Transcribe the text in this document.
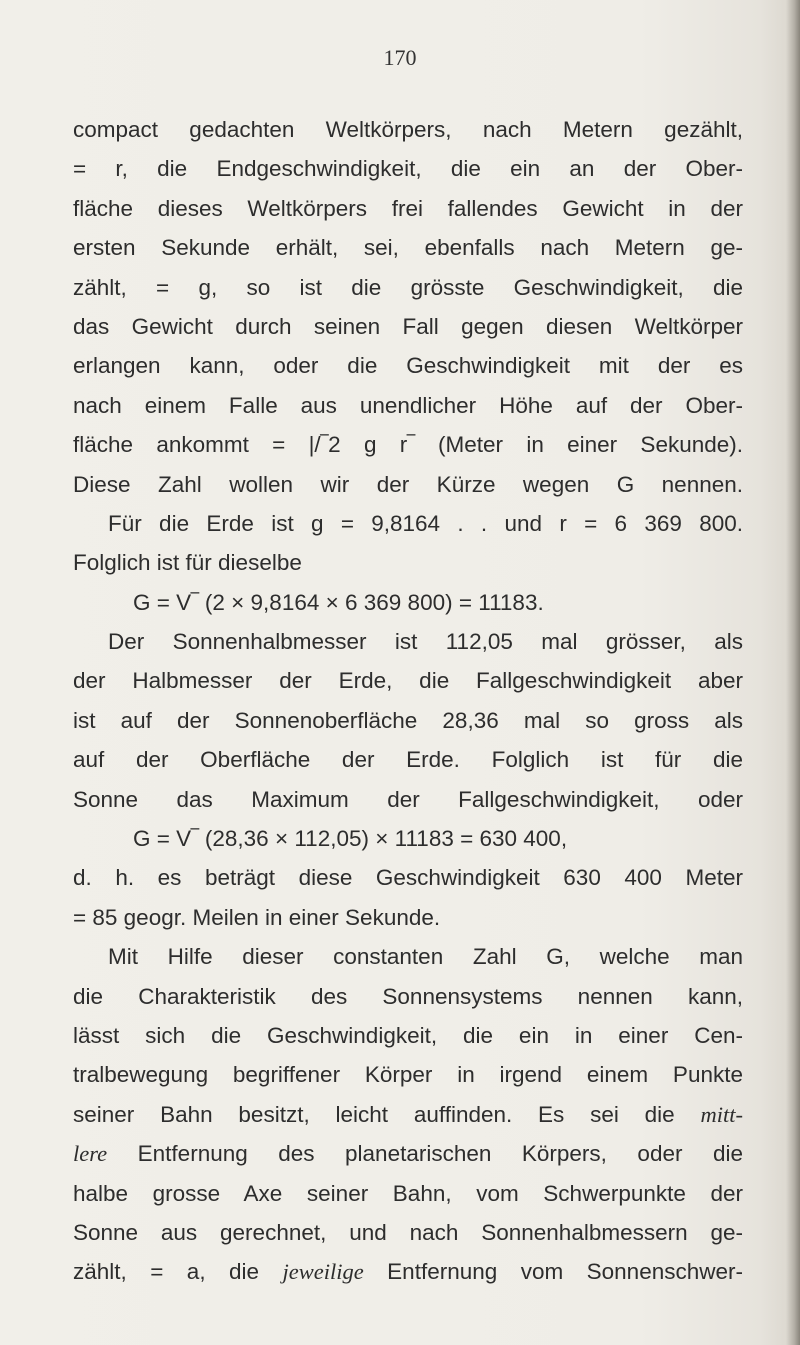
170
compact gedachten Weltkörpers, nach Metern gezählt,
= r, die Endgeschwindigkeit, die ein an der Ober-
fläche dieses Weltkörpers frei fallendes Gewicht in der
ersten Sekunde erhält, sei, ebenfalls nach Metern ge-
zählt, = g, so ist die grösste Geschwindigkeit, die
das Gewicht durch seinen Fall gegen diesen Weltkörper
erlangen kann, oder die Geschwindigkeit mit der es
nach einem Falle aus unendlicher Höhe auf der Ober-
fläche ankommt = |/‾2 g r‾ (Meter in einer Sekunde).
Diese Zahl wollen wir der Kürze wegen G nennen.
Für die Erde ist g = 9,8164 . . und r = 6 369 800.
Folglich ist für dieselbe
G = V‾ (2 × 9,8164 × 6 369 800) = 11183.
Der Sonnenhalbmesser ist 112,05 mal grösser, als
der Halbmesser der Erde, die Fallgeschwindigkeit aber
ist auf der Sonnenoberfläche 28,36 mal so gross als
auf der Oberfläche der Erde. Folglich ist für die
Sonne das Maximum der Fallgeschwindigkeit, oder
G = V‾ (28,36 × 112,05) × 11183 = 630 400,
d. h. es beträgt diese Geschwindigkeit 630 400 Meter
= 85 geogr. Meilen in einer Sekunde.
Mit Hilfe dieser constanten Zahl G, welche man
die Charakteristik des Sonnensystems nennen kann,
lässt sich die Geschwindigkeit, die ein in einer Cen-
tralbewegung begriffener Körper in irgend einem Punkte
seiner Bahn besitzt, leicht auffinden. Es sei die mitt-
lere Entfernung des planetarischen Körpers, oder die
halbe grosse Axe seiner Bahn, vom Schwerpunkte der
Sonne aus gerechnet, und nach Sonnenhalbmessern ge-
zählt, = a, die jeweilige Entfernung vom Sonnenschwer-
